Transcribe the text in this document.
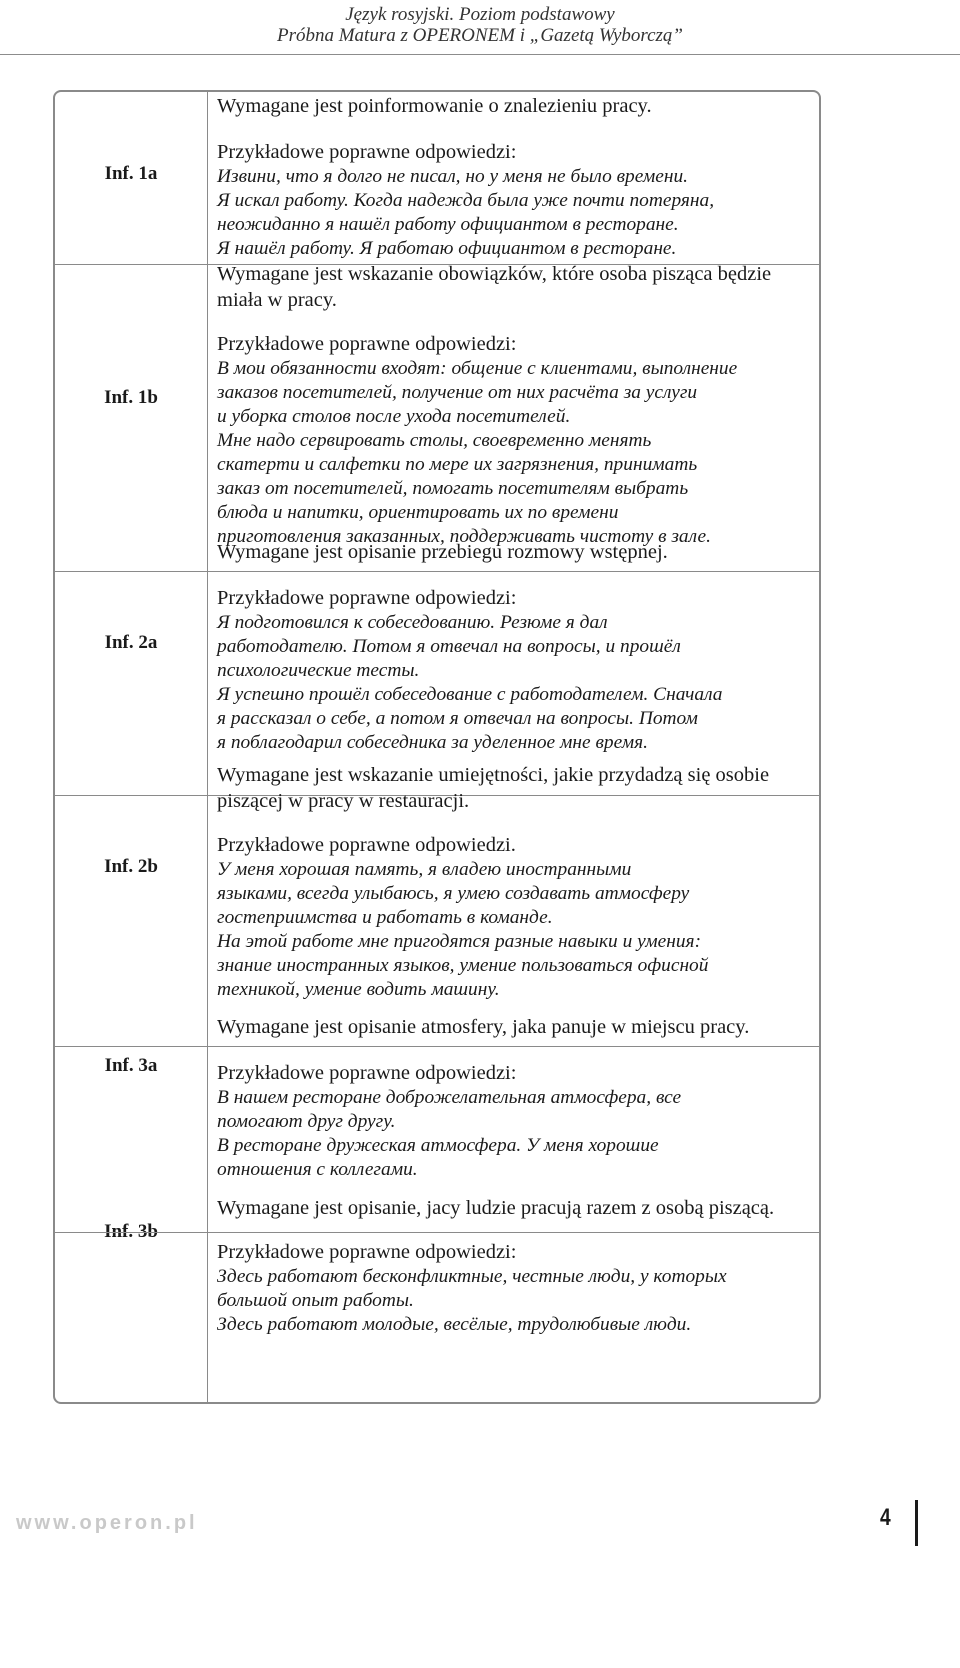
Język rosyjski. Poziom podstawowy
Próbna Matura z OPERONEM i „Gazetą Wyborczą”
Inf. 1a
Inf. 1b
Inf. 2a
Inf. 2b
Inf. 3a
Inf. 3b

Wymagane jest poinformowanie o znalezieniu pracy.

Przykładowe poprawne odpowiedzi:

Извини, что я долго не писал, но у меня не было времени.

Я искал работу. Когда надежда была уже почти потеряна,

неожиданно я нашёл работу официантом в ресторане.

Я нашёл работу. Я работаю официантом в ресторане.

Wymagane jest wskazanie obowiązków, które osoba pisząca będzie miała w pracy.

Przykładowe poprawne odpowiedzi:

В мои обязанности входят: общение с клиентами, выполнение

заказов посетителей, получение от них расчёта за услуги

и уборка столов после ухода посетителей.

Мне надо сервировать столы, своевременно менять

скатерти и салфетки по мере их загрязнения, принимать

заказ от посетителей, помогать посетителям выбрать

блюда и напитки, ориентировать их по времени

приготовления заказанных, поддерживать чистоту в зале.

Wymagane jest opisanie przebiegu rozmowy wstępnej.

Przykładowe poprawne odpowiedzi:

Я подготовился к собеседованию. Резюме я дал

работодателю. Потом я отвечал на вопросы, и прошёл

психологические тесты.

Я успешно прошёл собеседование с работодателем. Сначала

я рассказал о себе, а потом я отвечал на вопросы. Потом

я поблагодарил собеседника за уделенное мне время.

Wymagane jest wskazanie umiejętności, jakie przydadzą się osobie piszącej w pracy w restauracji.

Przykładowe poprawne odpowiedzi.

У меня хорошая память, я владею иностранными

языками, всегда улыбаюсь, я умею создавать атмосферу

гостеприимства и работать в команде.

На этой работе мне пригодятся разные навыки и умения:

знание иностранных языков, умение пользоваться офисной

техникой, умение водить машину.

Wymagane jest opisanie atmosfery, jaka panuje w miejscu pracy.

Przykładowe poprawne odpowiedzi:

В нашем ресторане доброжелательная атмосфера, все

помогают друг другу.

В ресторане дружеская атмосфера. У меня хорошие

отношения с коллегами.

Wymagane jest opisanie, jacy ludzie pracują razem z osobą piszącą.

Przykładowe poprawne odpowiedzi:

Здесь работают бесконфликтные, честные люди, у которых

большой опыт работы.

Здесь работают молодые, весёлые, трудолюбивые люди.

www.operon.pl	4
